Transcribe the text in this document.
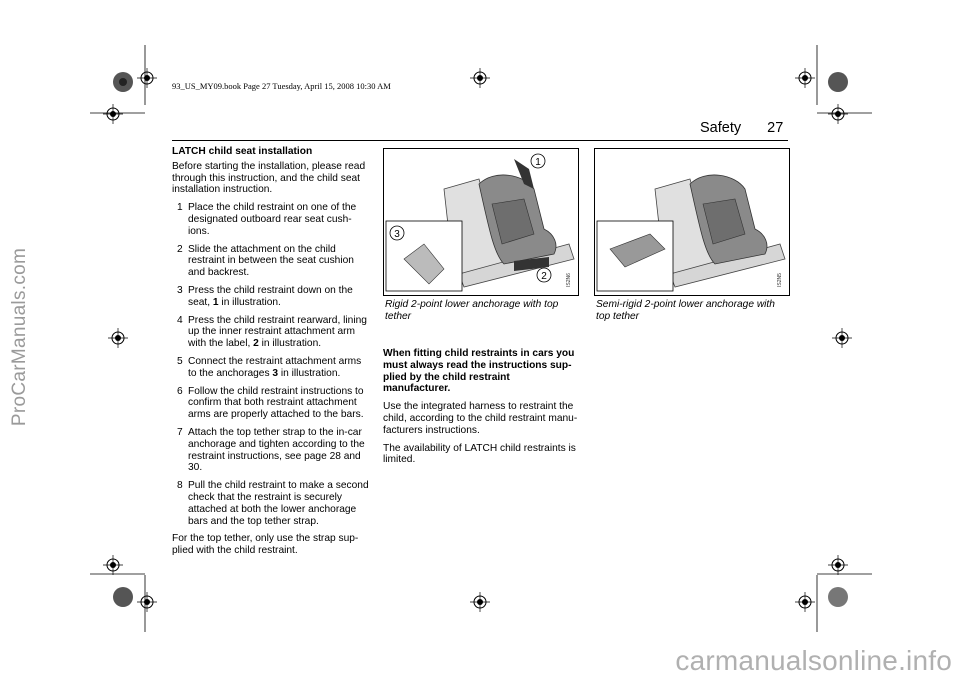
ProCarManuals.com
93_US_MY09.book Page 27 Tuesday, April 15, 2008 10:30 AM
Safety 27
LATCH child seat installation

Before starting the installation, please read through this instruction, and the child seat installation instruction.

1 Place the child restraint on one of the designated outboard rear seat cush-ions.
2 Slide the attachment on the child restraint in between the seat cushion and backrest.
3 Press the child restraint down on the seat, 1 in illustration.
4 Press the child restraint rearward, lining up the inner restraint attachment arm with the label, 2 in illustration.
5 Connect the restraint attachment arms to the anchorages 3 in illustration.
6 Follow the child restraint instructions to confirm that both restraint attachment arms are properly attached to the bars.
7 Attach the top tether strap to the in-car anchorage and tighten according to the restraint instructions, see page 28 and 30.
8 Pull the child restraint to make a second check that the restraint is securely attached at both the lower anchorage bars and the top tether strap.

For the top tether, only use the strap sup-plied with the child restraint.

1
2
3
IS2N6
Rigid 2-point lower anchorage with top tether
IS2N5
Semi-rigid 2-point lower anchorage with top tether

When fitting child restraints in cars you must always read the instructions sup-plied by the child restraint manufacturer.

Use the integrated harness to restraint the child, according to the child restraint manu-facturers instructions.

The availability of LATCH child restraints is limited.

carmanualsonline.info
